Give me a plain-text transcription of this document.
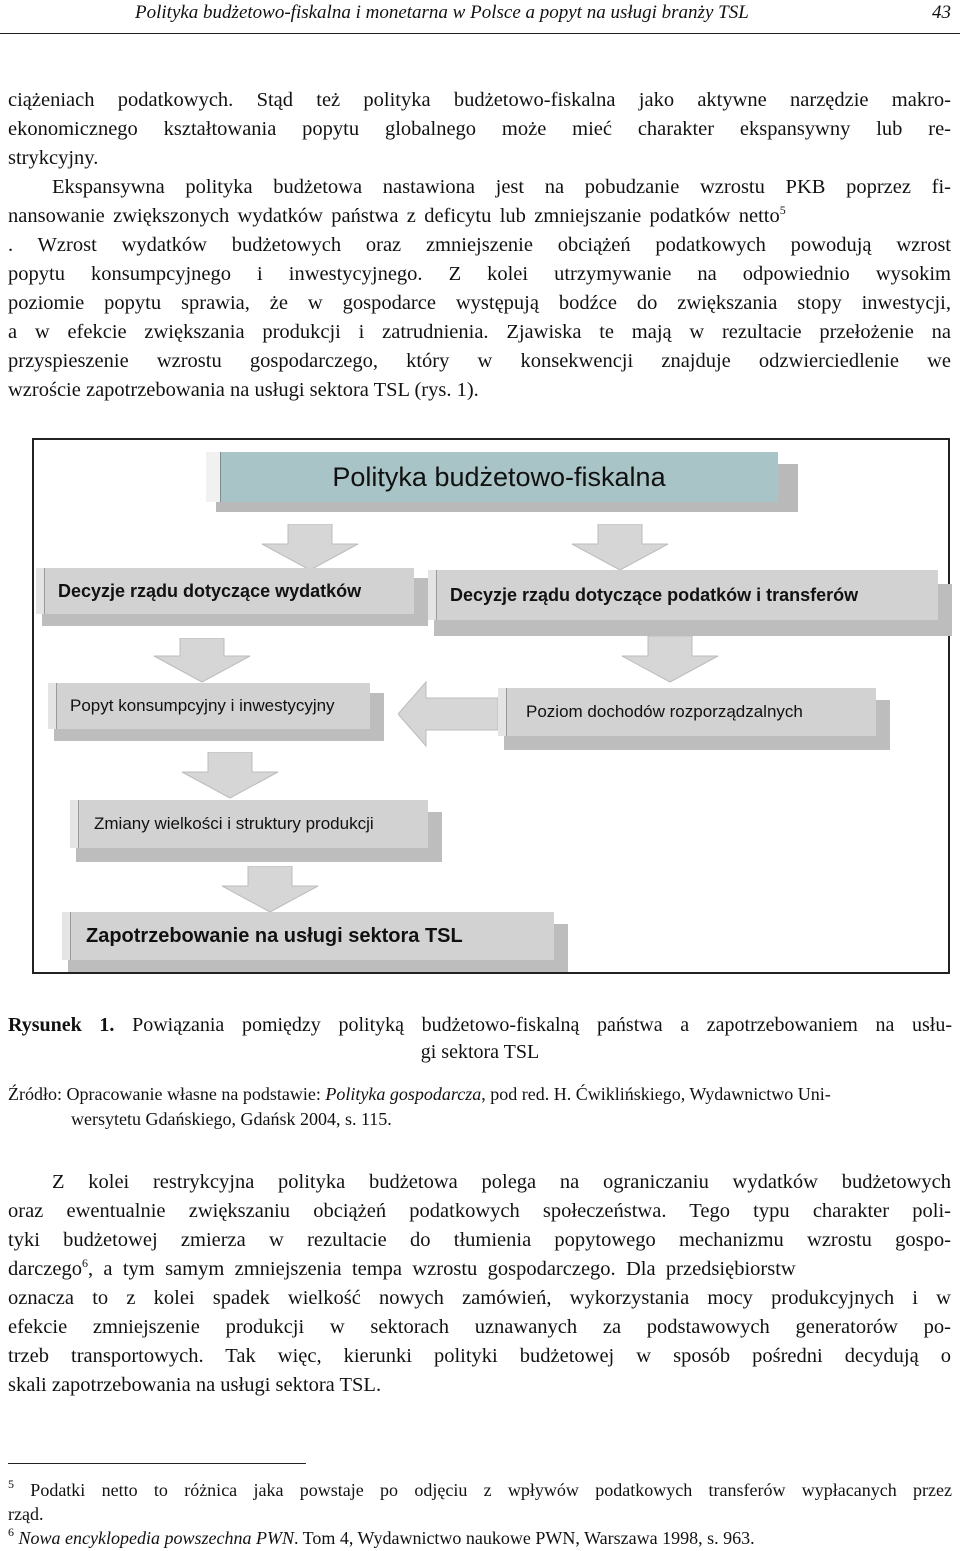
Polityka budżetowo-fiskalna i monetarna w Polsce a popyt na usługi branży TSL	43
ciążeniach podatkowych. Stąd też polityka budżetowo-fiskalna jako aktywne narzędzie makro-
ekonomicznego kształtowania popytu globalnego może mieć charakter ekspansywny lub re-
strykcyjny.
Ekspansywna polityka budżetowa nastawiona jest na pobudzanie wzrostu PKB poprzez fi-
nansowanie zwiększonych wydatków państwa z deficytu lub zmniejszanie podatków netto$^5$
. Wzrost wydatków budżetowych oraz zmniejszenie obciążeń podatkowych powodują wzrost
popytu konsumpcyjnego i inwestycyjnego. Z kolei utrzymywanie na odpowiednio wysokim
poziomie popytu sprawia, że w gospodarce występują bodźce do zwiększania stopy inwestycji,
a w efekcie zwiększania produkcji i zatrudnienia. Zjawiska te mają w rezultacie przełożenie na
przyspieszenie wzrostu gospodarczego, który w konsekwencji znajduje odzwierciedlenie we
wzroście zapotrzebowania na usługi sektora TSL (rys. 1).
Polityka budżetowo-fiskalna
Decyzje rządu dotyczące wydatków	Decyzje rządu dotyczące podatków i transferów
Popyt konsumpcyjny i inwestycyjny	Poziom dochodów rozporządzalnych
Zmiany wielkości i struktury produkcji
Zapotrzebowanie na usługi sektora TSL
Rysunek 1. Powiązania pomiędzy polityką budżetowo-fiskalną państwa a zapotrzebowaniem na usłu-
gi sektora TSL
Źródło: Opracowanie własne na podstawie: Polityka gospodarcza, pod red. H. Ćwiklińskiego, Wydawnictwo Uni-
wersytetu Gdańskiego, Gdańsk 2004, s. 115.
Z kolei restrykcyjna polityka budżetowa polega na ograniczaniu wydatków budżetowych
oraz ewentualnie zwiększaniu obciążeń podatkowych społeczeństwa. Tego typu charakter poli-
tyki budżetowej zmierza w rezultacie do tłumienia popytowego mechanizmu wzrostu gospo-
darczego$^6$, a tym samym zmniejszenia tempa wzrostu gospodarczego. Dla przedsiębiorstw
oznacza to z kolei spadek wielkość nowych zamówień, wykorzystania mocy produkcyjnych i w
efekcie zmniejszenie produkcji w sektorach uznawanych za podstawowych generatorów po-
trzeb transportowych. Tak więc, kierunki polityki budżetowej w sposób pośredni decydują o
skali zapotrzebowania na usługi sektora TSL.
$^5$ Podatki netto to różnica jaka powstaje po odjęciu z wpływów podatkowych transferów wypłacanych przez
rząd.
$^6$ Nowa encyklopedia powszechna PWN. Tom 4, Wydawnictwo naukowe PWN, Warszawa 1998, s. 963.
